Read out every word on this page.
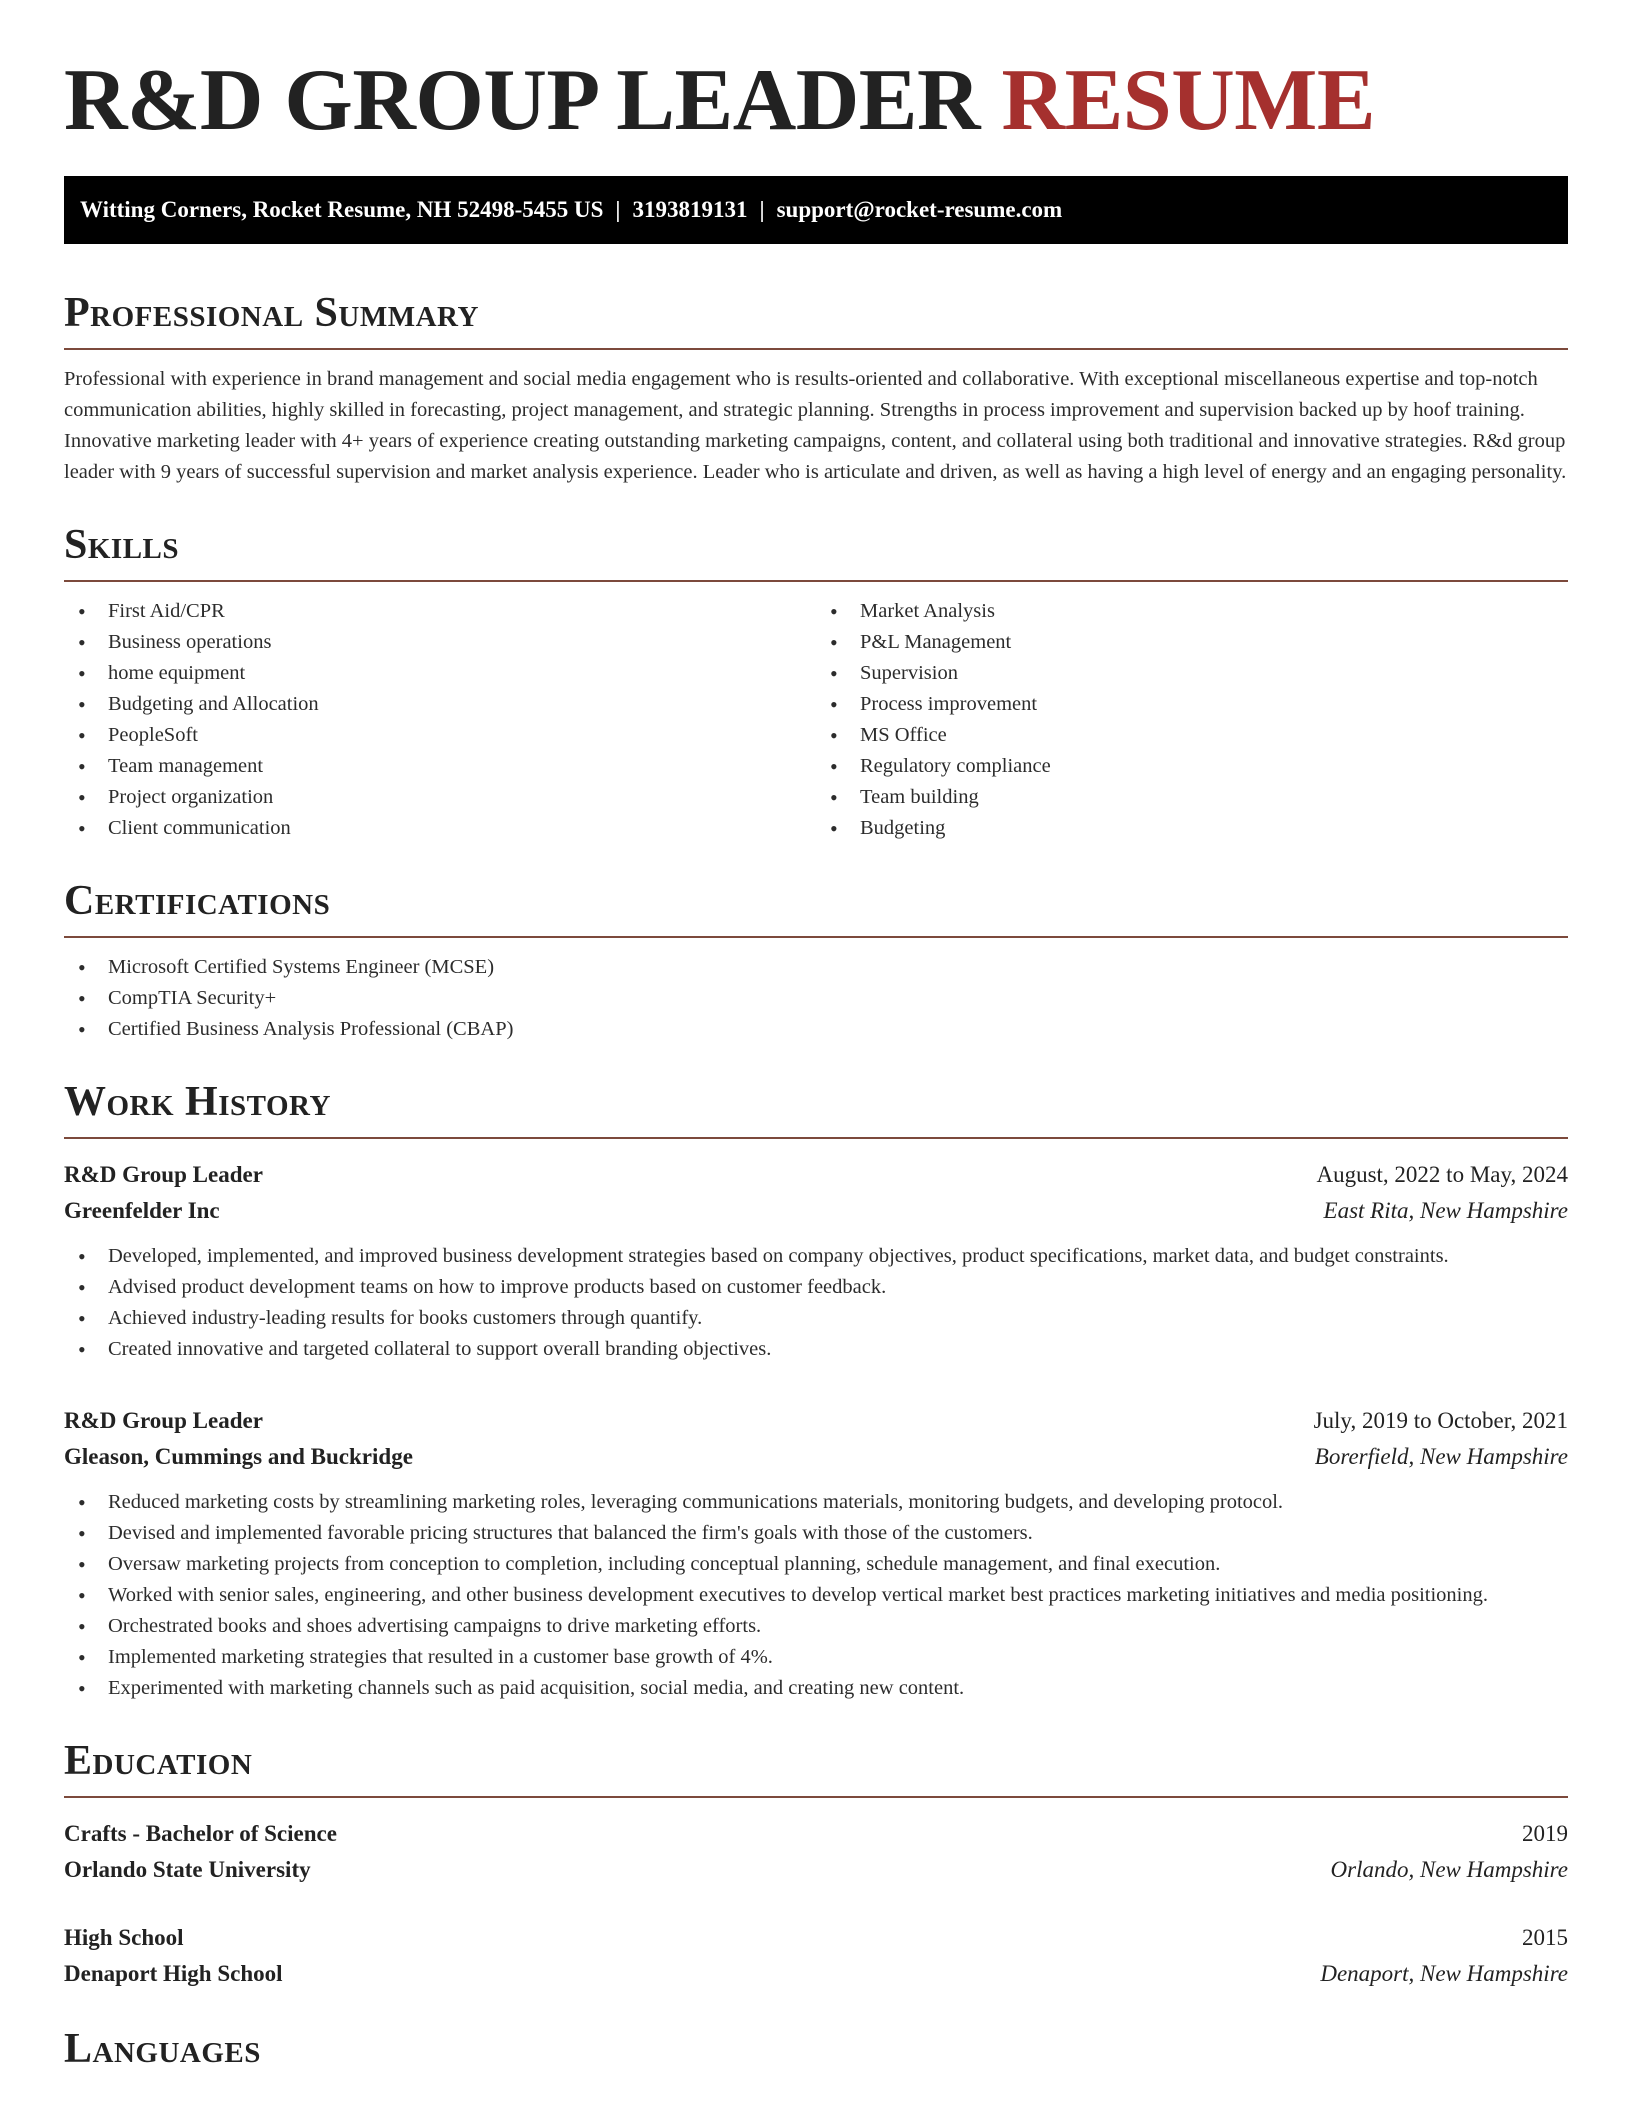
R&D GROUP LEADER RESUME
Witting Corners, Rocket Resume, NH 52498-5455 US | 3193819131 | support@rocket-resume.com
Professional Summary
Professional with experience in brand management and social media engagement who is results-oriented and collaborative. With exceptional miscellaneous expertise and top-notch communication abilities, highly skilled in forecasting, project management, and strategic planning. Strengths in process improvement and supervision backed up by hoof training. Innovative marketing leader with 4+ years of experience creating outstanding marketing campaigns, content, and collateral using both traditional and innovative strategies. R&d group leader with 9 years of successful supervision and market analysis experience. Leader who is articulate and driven, as well as having a high level of energy and an engaging personality.
Skills
• First Aid/CPR
• Business operations
• home equipment
• Budgeting and Allocation
• PeopleSoft
• Team management
• Project organization
• Client communication
• Market Analysis
• P&L Management
• Supervision
• Process improvement
• MS Office
• Regulatory compliance
• Team building
• Budgeting
Certifications
• Microsoft Certified Systems Engineer (MCSE)
• CompTIA Security+
• Certified Business Analysis Professional (CBAP)
Work History
R&D Group Leader	August, 2022 to May, 2024
Greenfelder Inc	East Rita, New Hampshire
• Developed, implemented, and improved business development strategies based on company objectives, product specifications, market data, and budget constraints.
• Advised product development teams on how to improve products based on customer feedback.
• Achieved industry-leading results for books customers through quantify.
• Created innovative and targeted collateral to support overall branding objectives.
R&D Group Leader	July, 2019 to October, 2021
Gleason, Cummings and Buckridge	Borerfield, New Hampshire
• Reduced marketing costs by streamlining marketing roles, leveraging communications materials, monitoring budgets, and developing protocol.
• Devised and implemented favorable pricing structures that balanced the firm's goals with those of the customers.
• Oversaw marketing projects from conception to completion, including conceptual planning, schedule management, and final execution.
• Worked with senior sales, engineering, and other business development executives to develop vertical market best practices marketing initiatives and media positioning.
• Orchestrated books and shoes advertising campaigns to drive marketing efforts.
• Implemented marketing strategies that resulted in a customer base growth of 4%.
• Experimented with marketing channels such as paid acquisition, social media, and creating new content.
Education
Crafts - Bachelor of Science	2019
Orlando State University	Orlando, New Hampshire
High School	2015
Denaport High School	Denaport, New Hampshire
Languages
